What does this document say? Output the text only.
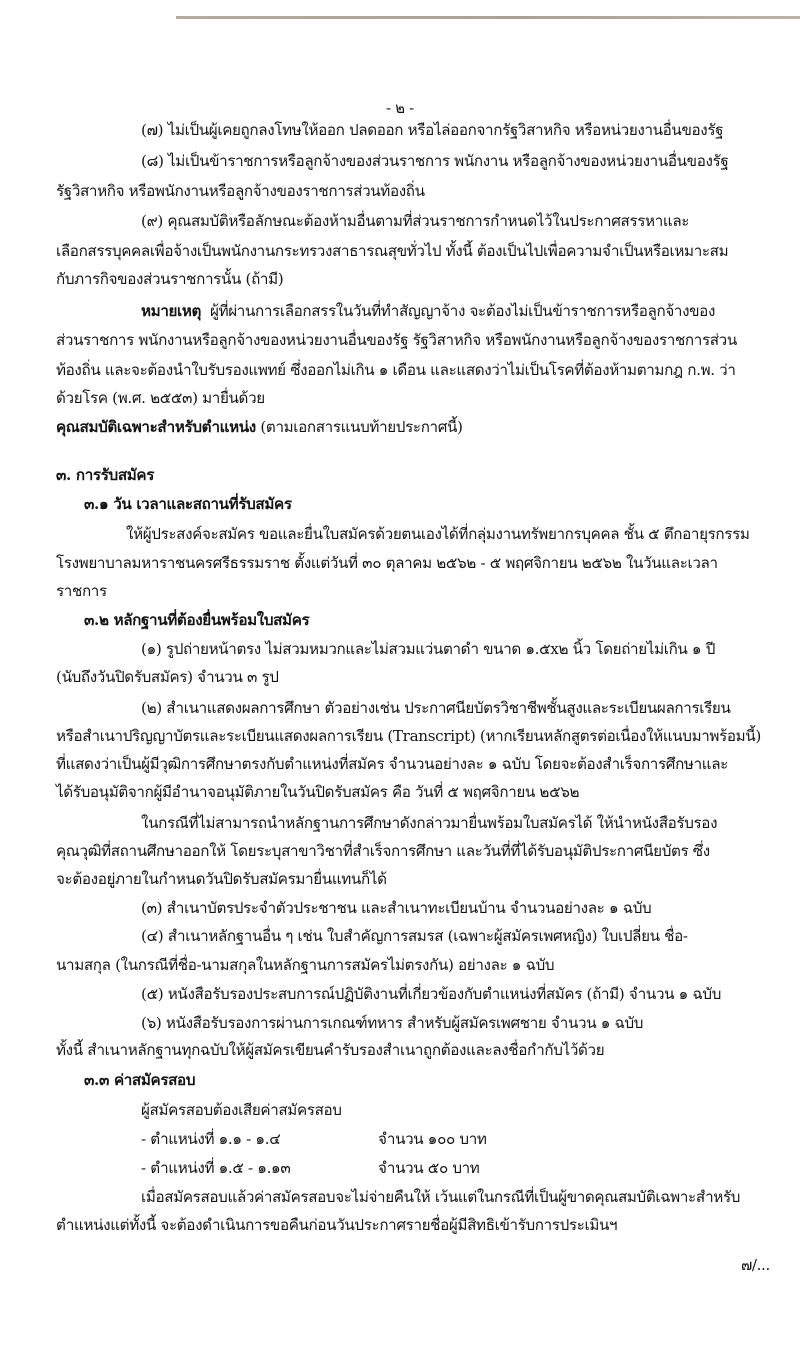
- ๒ -
(๗) ไม่เป็นผู้เคยถูกลงโทษให้ออก ปลดออก หรือไล่ออกจากรัฐวิสาหกิจ หรือหน่วยงานอื่นของรัฐ
(๘) ไม่เป็นข้าราชการหรือลูกจ้างของส่วนราชการ พนักงาน หรือลูกจ้างของหน่วยงานอื่นของรัฐ
รัฐวิสาหกิจ หรือพนักงานหรือลูกจ้างของราชการส่วนท้องถิ่น
(๙) คุณสมบัติหรือลักษณะต้องห้ามอื่นตามที่ส่วนราชการกำหนดไว้ในประกาศสรรหาและ
เลือกสรรบุคคลเพื่อจ้างเป็นพนักงานกระทรวงสาธารณสุขทั่วไป ทั้งนี้ ต้องเป็นไปเพื่อความจำเป็นหรือเหมาะสม
กับภารกิจของส่วนราชการนั้น (ถ้ามี)
หมายเหตุ ผู้ที่ผ่านการเลือกสรรในวันที่ทำสัญญาจ้าง จะต้องไม่เป็นข้าราชการหรือลูกจ้างของ
ส่วนราชการ พนักงานหรือลูกจ้างของหน่วยงานอื่นของรัฐ รัฐวิสาหกิจ หรือพนักงานหรือลูกจ้างของราชการส่วน
ท้องถิ่น และจะต้องนำใบรับรองแพทย์ ซึ่งออกไม่เกิน ๑ เดือน และแสดงว่าไม่เป็นโรคที่ต้องห้ามตามกฎ ก.พ. ว่า
ด้วยโรค (พ.ศ. ๒๕๕๓) มายื่นด้วย
คุณสมบัติเฉพาะสำหรับตำแหน่ง (ตามเอกสารแนบท้ายประกาศนี้)
๓. การรับสมัคร
๓.๑ วัน เวลาและสถานที่รับสมัคร
ให้ผู้ประสงค์จะสมัคร ขอและยื่นใบสมัครด้วยตนเองได้ที่กลุ่มงานทรัพยากรบุคคล ชั้น ๕ ตึกอายุรกรรม
โรงพยาบาลมหาราชนครศรีธรรมราช ตั้งแต่วันที่ ๓๐ ตุลาคม ๒๕๖๒ - ๕ พฤศจิกายน ๒๕๖๒ ในวันและเวลา
ราชการ
๓.๒ หลักฐานที่ต้องยื่นพร้อมใบสมัคร
(๑) รูปถ่ายหน้าตรง ไม่สวมหมวกและไม่สวมแว่นตาดำ ขนาด ๑.๕x๒ นิ้ว โดยถ่ายไม่เกิน ๑ ปี
(นับถึงวันปิดรับสมัคร) จำนวน ๓ รูป
(๒) สำเนาแสดงผลการศึกษา ตัวอย่างเช่น ประกาศนียบัตรวิชาชีพชั้นสูงและระเบียนผลการเรียน
หรือสำเนาปริญญาบัตรและระเบียนแสดงผลการเรียน (Transcript) (หากเรียนหลักสูตรต่อเนื่องให้แนบมาพร้อมนี้)
ที่แสดงว่าเป็นผู้มีวุฒิการศึกษาตรงกับตำแหน่งที่สมัคร จำนวนอย่างละ ๑ ฉบับ โดยจะต้องสำเร็จการศึกษาและ
ได้รับอนุมัติจากผู้มีอำนาจอนุมัติภายในวันปิดรับสมัคร คือ วันที่ ๕ พฤศจิกายน ๒๕๖๒
ในกรณีที่ไม่สามารถนำหลักฐานการศึกษาดังกล่าวมายื่นพร้อมใบสมัครได้ ให้นำหนังสือรับรอง
คุณวุฒิที่สถานศึกษาออกให้ โดยระบุสาขาวิชาที่สำเร็จการศึกษา และวันที่ที่ได้รับอนุมัติประกาศนียบัตร ซึ่ง
จะต้องอยู่ภายในกำหนดวันปิดรับสมัครมายื่นแทนก็ได้
(๓) สำเนาบัตรประจำตัวประชาชน และสำเนาทะเบียนบ้าน จำนวนอย่างละ ๑ ฉบับ
(๔) สำเนาหลักฐานอื่น ๆ เช่น ใบสำคัญการสมรส (เฉพาะผู้สมัครเพศหญิง) ใบเปลี่ยน ชื่อ-
นามสกุล (ในกรณีที่ชื่อ-นามสกุลในหลักฐานการสมัครไม่ตรงกัน) อย่างละ ๑ ฉบับ
(๕) หนังสือรับรองประสบการณ์ปฏิบัติงานที่เกี่ยวข้องกับตำแหน่งที่สมัคร (ถ้ามี) จำนวน ๑ ฉบับ
(๖) หนังสือรับรองการผ่านการเกณฑ์ทหาร สำหรับผู้สมัครเพศชาย จำนวน ๑ ฉบับ
ทั้งนี้ สำเนาหลักฐานทุกฉบับให้ผู้สมัครเขียนคำรับรองสำเนาถูกต้องและลงชื่อกำกับไว้ด้วย
๓.๓ ค่าสมัครสอบ
ผู้สมัครสอบต้องเสียค่าสมัครสอบ
- ตำแหน่งที่ ๑.๑ - ๑.๔	จำนวน ๑๐๐ บาท
- ตำแหน่งที่ ๑.๕ - ๑.๑๓	จำนวน ๕๐ บาท
เมื่อสมัครสอบแล้วค่าสมัครสอบจะไม่จ่ายคืนให้ เว้นแต่ในกรณีที่เป็นผู้ขาดคุณสมบัติเฉพาะสำหรับ
ตำแหน่งแต่ทั้งนี้ จะต้องดำเนินการขอคืนก่อนวันประกาศรายชื่อผู้มีสิทธิเข้ารับการประเมินฯ
๗/...
